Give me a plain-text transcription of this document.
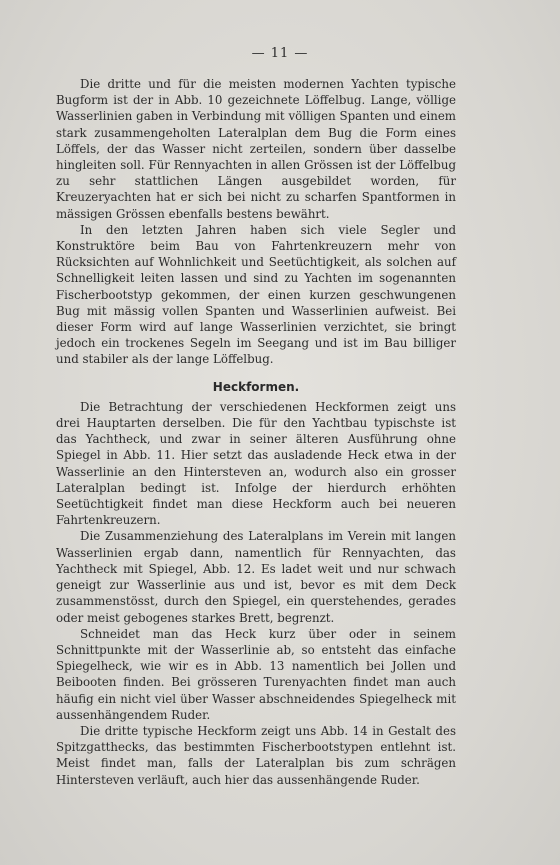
— 11 —

Die dritte und für die meisten modernen Yachten typische Bugform ist der in Abb. 10 gezeichnete Löffelbug. Lange, völlige Wasserlinien gaben in Verbindung mit völligen Spanten und einem stark zusammengeholten Lateralplan dem Bug die Form eines Löffels, der das Wasser nicht zerteilen, sondern über dasselbe hingleiten soll. Für Rennyachten in allen Grössen ist der Löffelbug zu sehr stattlichen Längen ausgebildet worden, für Kreuzeryachten hat er sich bei nicht zu scharfen Spantformen in mässigen Grössen ebenfalls bestens bewährt.

In den letzten Jahren haben sich viele Segler und Konstruktöre beim Bau von Fahrtenkreuzern mehr von Rücksichten auf Wohnlichkeit und Seetüchtigkeit, als solchen auf Schnelligkeit leiten lassen und sind zu Yachten im sogenannten Fischerbootstyp gekommen, der einen kurzen geschwungenen Bug mit mässig vollen Spanten und Wasserlinien aufweist. Bei dieser Form wird auf lange Wasserlinien verzichtet, sie bringt jedoch ein trockenes Segeln im Seegang und ist im Bau billiger und stabiler als der lange Löffelbug.

Heckformen.

Die Betrachtung der verschiedenen Heckformen zeigt uns drei Hauptarten derselben. Die für den Yachtbau typischste ist das Yachtheck, und zwar in seiner älteren Ausführung ohne Spiegel in Abb. 11. Hier setzt das ausladende Heck etwa in der Wasserlinie an den Hintersteven an, wodurch also ein grosser Lateralplan bedingt ist. Infolge der hierdurch erhöhten Seetüchtigkeit findet man diese Heckform auch bei neueren Fahrtenkreuzern.

Die Zusammenziehung des Lateralplans im Verein mit langen Wasserlinien ergab dann, namentlich für Rennyachten, das Yachtheck mit Spiegel, Abb. 12. Es ladet weit und nur schwach geneigt zur Wasserlinie aus und ist, bevor es mit dem Deck zusammenstösst, durch den Spiegel, ein querstehendes, gerades oder meist gebogenes starkes Brett, begrenzt.

Schneidet man das Heck kurz über oder in seinem Schnittpunkte mit der Wasserlinie ab, so entsteht das einfache Spiegelheck, wie wir es in Abb. 13 namentlich bei Jollen und Beibooten finden. Bei grösseren Turenyachten findet man auch häufig ein nicht viel über Wasser abschneidendes Spiegelheck mit aussenhängendem Ruder.

Die dritte typische Heckform zeigt uns Abb. 14 in Gestalt des Spitzgatthecks, das bestimmten Fischerbootstypen entlehnt ist. Meist findet man, falls der Lateralplan bis zum schrägen Hintersteven verläuft, auch hier das aussenhängende Ruder.
